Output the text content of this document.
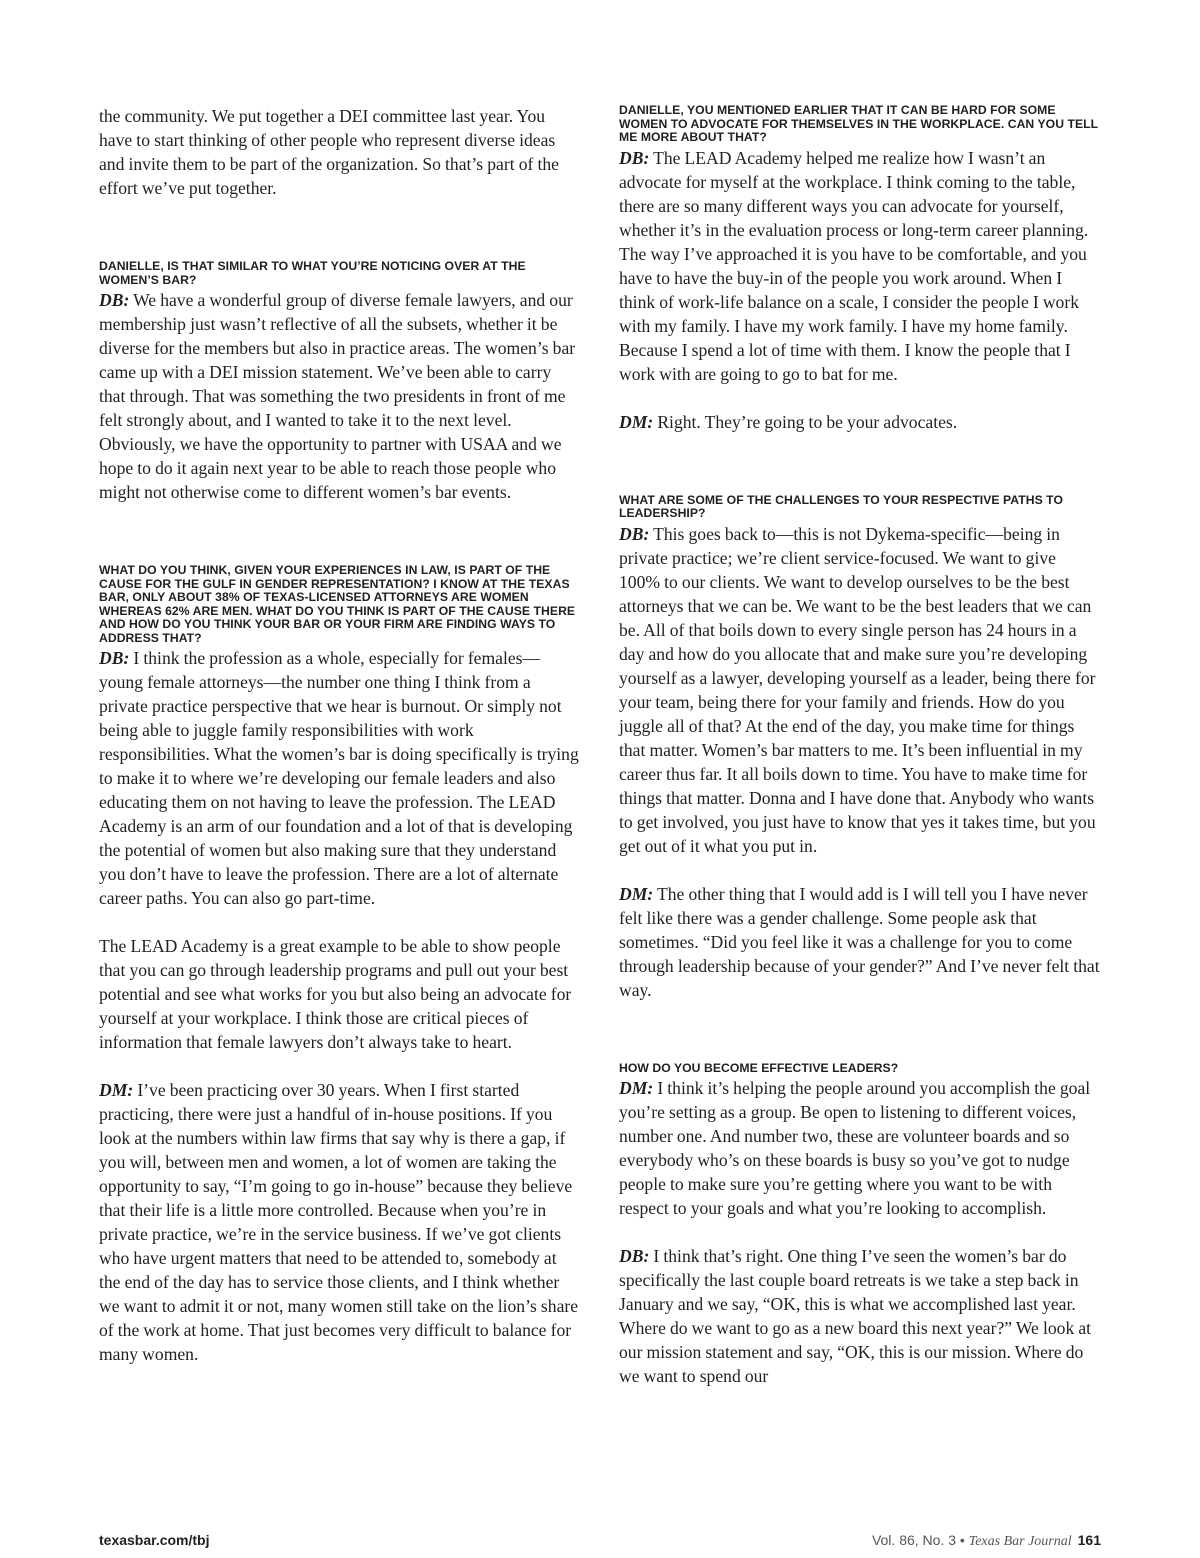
the community. We put together a DEI committee last year. You have to start thinking of other people who represent diverse ideas and invite them to be part of the organization. So that’s part of the effort we’ve put together.

DANIELLE, IS THAT SIMILAR TO WHAT YOU’RE NOTICING OVER AT THE WOMEN’S BAR?

DB: We have a wonderful group of diverse female lawyers, and our membership just wasn’t reflective of all the subsets, whether it be diverse for the members but also in practice areas. The women’s bar came up with a DEI mission statement. We’ve been able to carry that through. That was something the two presidents in front of me felt strongly about, and I wanted to take it to the next level. Obviously, we have the opportunity to partner with USAA and we hope to do it again next year to be able to reach those people who might not otherwise come to different women’s bar events.

WHAT DO YOU THINK, GIVEN YOUR EXPERIENCES IN LAW, IS PART OF THE CAUSE FOR THE GULF IN GENDER REPRESENTATION? I KNOW AT THE TEXAS BAR, ONLY ABOUT 38% OF TEXAS-LICENSED ATTORNEYS ARE WOMEN WHEREAS 62% ARE MEN. WHAT DO YOU THINK IS PART OF THE CAUSE THERE AND HOW DO YOU THINK YOUR BAR OR YOUR FIRM ARE FINDING WAYS TO ADDRESS THAT?

DB: I think the profession as a whole, especially for females—young female attorneys—the number one thing I think from a private practice perspective that we hear is burnout. Or simply not being able to juggle family responsibilities with work responsibilities. What the women’s bar is doing specifically is trying to make it to where we’re developing our female leaders and also educating them on not having to leave the profession. The LEAD Academy is an arm of our foundation and a lot of that is developing the potential of women but also making sure that they understand you don’t have to leave the profession. There are a lot of alternate career paths. You can also go part-time.

The LEAD Academy is a great example to be able to show people that you can go through leadership programs and pull out your best potential and see what works for you but also being an advocate for yourself at your workplace. I think those are critical pieces of information that female lawyers don’t always take to heart.

DM: I’ve been practicing over 30 years. When I first started practicing, there were just a handful of in-house positions. If you look at the numbers within law firms that say why is there a gap, if you will, between men and women, a lot of women are taking the opportunity to say, “I’m going to go in-house” because they believe that their life is a little more controlled. Because when you’re in private practice, we’re in the service business. If we’ve got clients who have urgent matters that need to be attended to, somebody at the end of the day has to service those clients, and I think whether we want to admit it or not, many women still take on the lion’s share of the work at home. That just becomes very difficult to balance for many women.

DANIELLE, YOU MENTIONED EARLIER THAT IT CAN BE HARD FOR SOME WOMEN TO ADVOCATE FOR THEMSELVES IN THE WORKPLACE. CAN YOU TELL ME MORE ABOUT THAT?

DB: The LEAD Academy helped me realize how I wasn’t an advocate for myself at the workplace. I think coming to the table, there are so many different ways you can advocate for yourself, whether it’s in the evaluation process or long-term career planning. The way I’ve approached it is you have to be comfortable, and you have to have the buy-in of the people you work around. When I think of work-life balance on a scale, I consider the people I work with my family. I have my work family. I have my home family. Because I spend a lot of time with them. I know the people that I work with are going to go to bat for me.

DM: Right. They’re going to be your advocates.

WHAT ARE SOME OF THE CHALLENGES TO YOUR RESPECTIVE PATHS TO LEADERSHIP?

DB: This goes back to—this is not Dykema-specific—being in private practice; we’re client service-focused. We want to give 100% to our clients. We want to develop ourselves to be the best attorneys that we can be. We want to be the best leaders that we can be. All of that boils down to every single person has 24 hours in a day and how do you allocate that and make sure you’re developing yourself as a lawyer, developing yourself as a leader, being there for your team, being there for your family and friends. How do you juggle all of that? At the end of the day, you make time for things that matter. Women’s bar matters to me. It’s been influential in my career thus far. It all boils down to time. You have to make time for things that matter. Donna and I have done that. Anybody who wants to get involved, you just have to know that yes it takes time, but you get out of it what you put in.

DM: The other thing that I would add is I will tell you I have never felt like there was a gender challenge. Some people ask that sometimes. “Did you feel like it was a challenge for you to come through leadership because of your gender?” And I’ve never felt that way.

HOW DO YOU BECOME EFFECTIVE LEADERS?

DM: I think it’s helping the people around you accomplish the goal you’re setting as a group. Be open to listening to different voices, number one. And number two, these are volunteer boards and so everybody who’s on these boards is busy so you’ve got to nudge people to make sure you’re getting where you want to be with respect to your goals and what you’re looking to accomplish.

DB: I think that’s right. One thing I’ve seen the women’s bar do specifically the last couple board retreats is we take a step back in January and we say, “OK, this is what we accomplished last year. Where do we want to go as a new board this next year?” We look at our mission statement and say, “OK, this is our mission. Where do we want to spend our

texasbar.com/tbj	Vol. 86, No. 3 • Texas Bar Journal 161
